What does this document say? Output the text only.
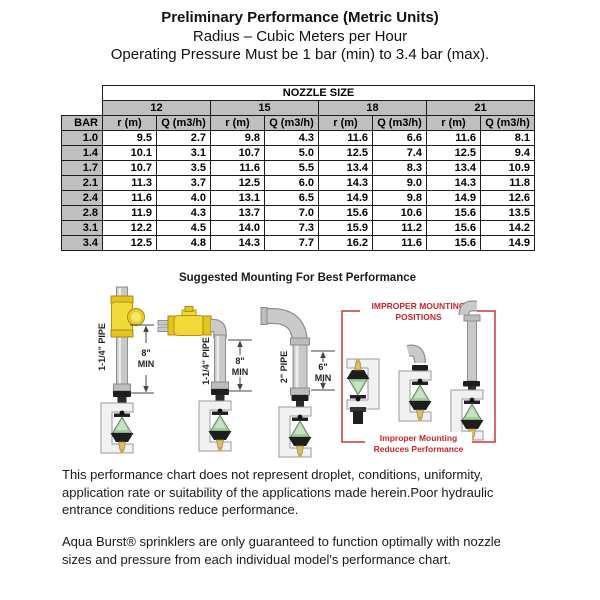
Preliminary Performance (Metric Units)
Radius – Cubic Meters per Hour
Operating Pressure Must be 1 bar (min) to 3.4 bar (max).
	NOZZLE SIZE							
	12		15		18		21	
BAR	r (m)	Q (m3/h)	r (m)	Q (m3/h)	r (m)	Q (m3/h)	r (m)	Q (m3/h)
1.0	9.5	2.7	9.8	4.3	11.6	6.6	11.6	8.1
1.4	10.1	3.1	10.7	5.0	12.5	7.4	12.5	9.4
1.7	10.7	3.5	11.6	5.5	13.4	8.3	13.4	10.9
2.1	11.3	3.7	12.5	6.0	14.3	9.0	14.3	11.8
2.4	11.6	4.0	13.1	6.5	14.9	9.8	14.9	12.6
2.8	11.9	4.3	13.7	7.0	15.6	10.6	15.6	13.5
3.1	12.2	4.5	14.0	7.3	15.9	11.2	15.6	14.2
3.4	12.5	4.8	14.3	7.7	16.2	11.6	15.6	14.9
Suggested Mounting For Best Performance
1-1/4" PIPE	8"
MIN	1-1/4" PIPE	8"
MIN	2" PIPE	6"
MIN
IMPROPER MOUNTING
POSITIONS
Improper Mounting
Reduces Performance
This performance chart does not represent droplet, conditions, uniformity, application rate or suitability of the applications made herein.Poor hydraulic entrance conditions reduce performance.
Aqua Burst® sprinklers are only guaranteed to function optimally with nozzle sizes and pressure from each individual model's performance chart.
